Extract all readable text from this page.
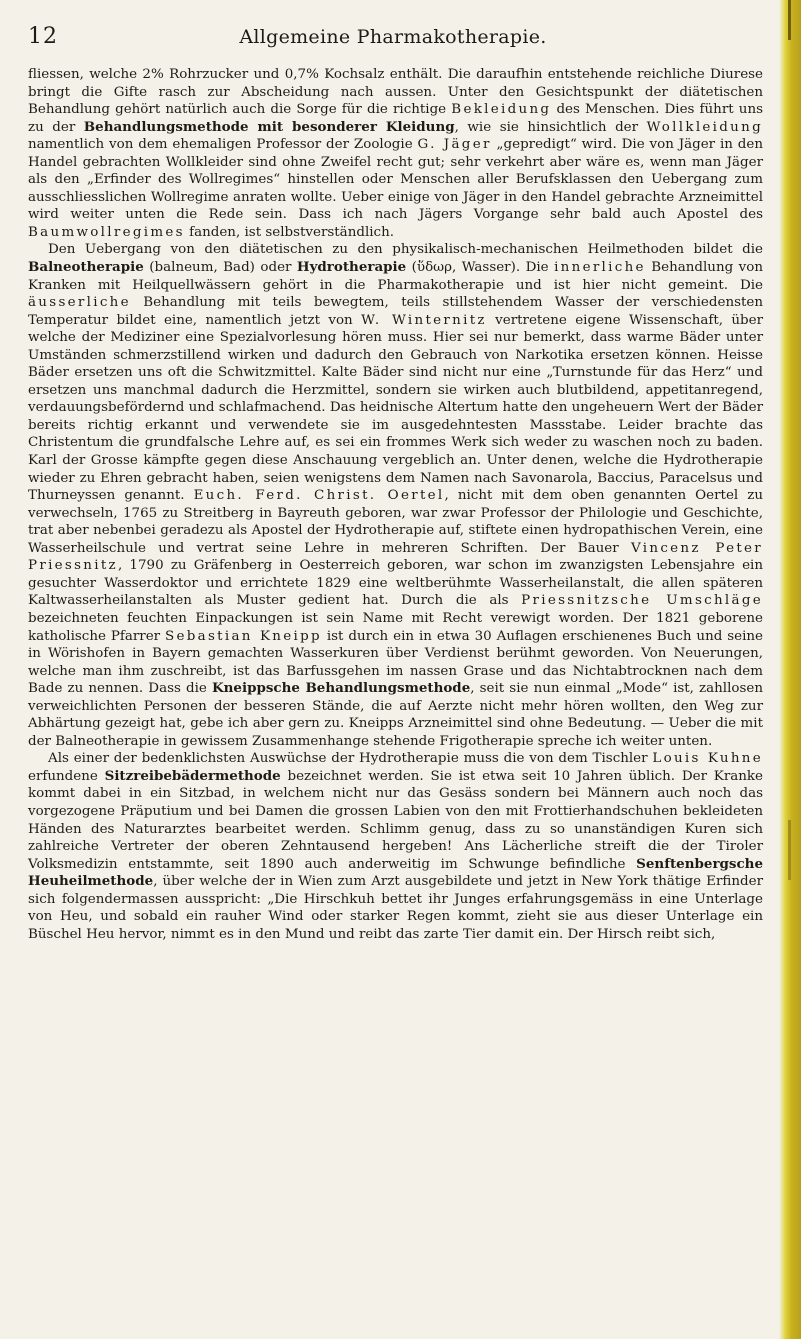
12	Allgemeine Pharmakotherapie.

fliessen, welche 2% Rohrzucker und 0,7% Kochsalz enthält. Die daraufhin entstehende reichliche Diurese bringt die Gifte rasch zur Abscheidung nach aussen. Unter den Gesichtspunkt der diätetischen Behandlung gehört natürlich auch die Sorge für die richtige Bekleidung des Menschen. Dies führt uns zu der Behandlungsmethode mit besonderer Kleidung, wie sie hinsichtlich der Wollkleidung namentlich von dem ehemaligen Professor der Zoologie G. Jäger „gepredigt“ wird. Die von Jäger in den Handel gebrachten Wollkleider sind ohne Zweifel recht gut; sehr verkehrt aber wäre es, wenn man Jäger als den „Erfinder des Wollregimes“ hinstellen oder Menschen aller Berufsklassen den Uebergang zum ausschliesslichen Wollregime anraten wollte. Ueber einige von Jäger in den Handel gebrachte Arzneimittel wird weiter unten die Rede sein. Dass ich nach Jägers Vorgange sehr bald auch Apostel des Baumwollregimes fanden, ist selbstverständlich.

Den Uebergang von den diätetischen zu den physikalisch-mechanischen Heilmethoden bildet die Balneotherapie (balneum, Bad) oder Hydrotherapie (ὕδωρ, Wasser). Die innerliche Behandlung von Kranken mit Heilquellwässern gehört in die Pharmakotherapie und ist hier nicht gemeint. Die äusserliche Behandlung mit teils bewegtem, teils stillstehendem Wasser der verschiedensten Temperatur bildet eine, namentlich jetzt von W. Winternitz vertretene eigene Wissenschaft, über welche der Mediziner eine Spezialvorlesung hören muss. Hier sei nur bemerkt, dass warme Bäder unter Umständen schmerzstillend wirken und dadurch den Gebrauch von Narkotika ersetzen können. Heisse Bäder ersetzen uns oft die Schwitzmittel. Kalte Bäder sind nicht nur eine „Turnstunde für das Herz“ und ersetzen uns manchmal dadurch die Herzmittel, sondern sie wirken auch blutbildend, appetitanregend, verdauungsbefördernd und schlafmachend. Das heidnische Altertum hatte den ungeheuern Wert der Bäder bereits richtig erkannt und verwendete sie im ausgedehntesten Massstabe. Leider brachte das Christentum die grundfalsche Lehre auf, es sei ein frommes Werk sich weder zu waschen noch zu baden. Karl der Grosse kämpfte gegen diese Anschauung vergeblich an. Unter denen, welche die Hydrotherapie wieder zu Ehren gebracht haben, seien wenigstens dem Namen nach Savonarola, Baccius, Paracelsus und Thurneyssen genannt. Euch. Ferd. Christ. Oertel, nicht mit dem oben genannten Oertel zu verwechseln, 1765 zu Streitberg in Bayreuth geboren, war zwar Professor der Philologie und Geschichte, trat aber nebenbei geradezu als Apostel der Hydrotherapie auf, stiftete einen hydropathischen Verein, eine Wasserheilschule und vertrat seine Lehre in mehreren Schriften. Der Bauer Vincenz Peter Priessnitz, 1790 zu Gräfenberg in Oesterreich geboren, war schon im zwanzigsten Lebensjahre ein gesuchter Wasserdoktor und errichtete 1829 eine weltberühmte Wasserheilanstalt, die allen späteren Kaltwasserheilanstalten als Muster gedient hat. Durch die als Priessnitzsche Umschläge bezeichneten feuchten Einpackungen ist sein Name mit Recht verewigt worden. Der 1821 geborene katholische Pfarrer Sebastian Kneipp ist durch ein in etwa 30 Auflagen erschienenes Buch und seine in Wörishofen in Bayern gemachten Wasserkuren über Verdienst berühmt geworden. Von Neuerungen, welche man ihm zuschreibt, ist das Barfussgehen im nassen Grase und das Nichtabtrocknen nach dem Bade zu nennen. Dass die Kneippsche Behandlungsmethode, seit sie nun einmal „Mode“ ist, zahllosen verweichlichten Personen der besseren Stände, die auf Aerzte nicht mehr hören wollten, den Weg zur Abhärtung gezeigt hat, gebe ich aber gern zu. Kneipps Arzneimittel sind ohne Bedeutung. — Ueber die mit der Balneotherapie in gewissem Zusammenhange stehende Frigotherapie spreche ich weiter unten.

Als einer der bedenklichsten Auswüchse der Hydrotherapie muss die von dem Tischler Louis Kuhne erfundene Sitzreibebädermethode bezeichnet werden. Sie ist etwa seit 10 Jahren üblich. Der Kranke kommt dabei in ein Sitzbad, in welchem nicht nur das Gesäss sondern bei Männern auch noch das vorgezogene Präputium und bei Damen die grossen Labien von den mit Frottierhandschuhen bekleideten Händen des Naturarztes bearbeitet werden. Schlimm genug, dass zu so unanständigen Kuren sich zahlreiche Vertreter der oberen Zehntausend hergeben! Ans Lächerliche streift die der Tiroler Volksmedizin entstammte, seit 1890 auch anderweitig im Schwunge befindliche Senftenbergsche Heuheilmethode, über welche der in Wien zum Arzt ausgebildete und jetzt in New York thätige Erfinder sich folgendermassen ausspricht: „Die Hirschkuh bettet ihr Junges erfahrungsgemäss in eine Unterlage von Heu, und sobald ein rauher Wind oder starker Regen kommt, zieht sie aus dieser Unterlage ein Büschel Heu hervor, nimmt es in den Mund und reibt das zarte Tier damit ein. Der Hirsch reibt sich,
